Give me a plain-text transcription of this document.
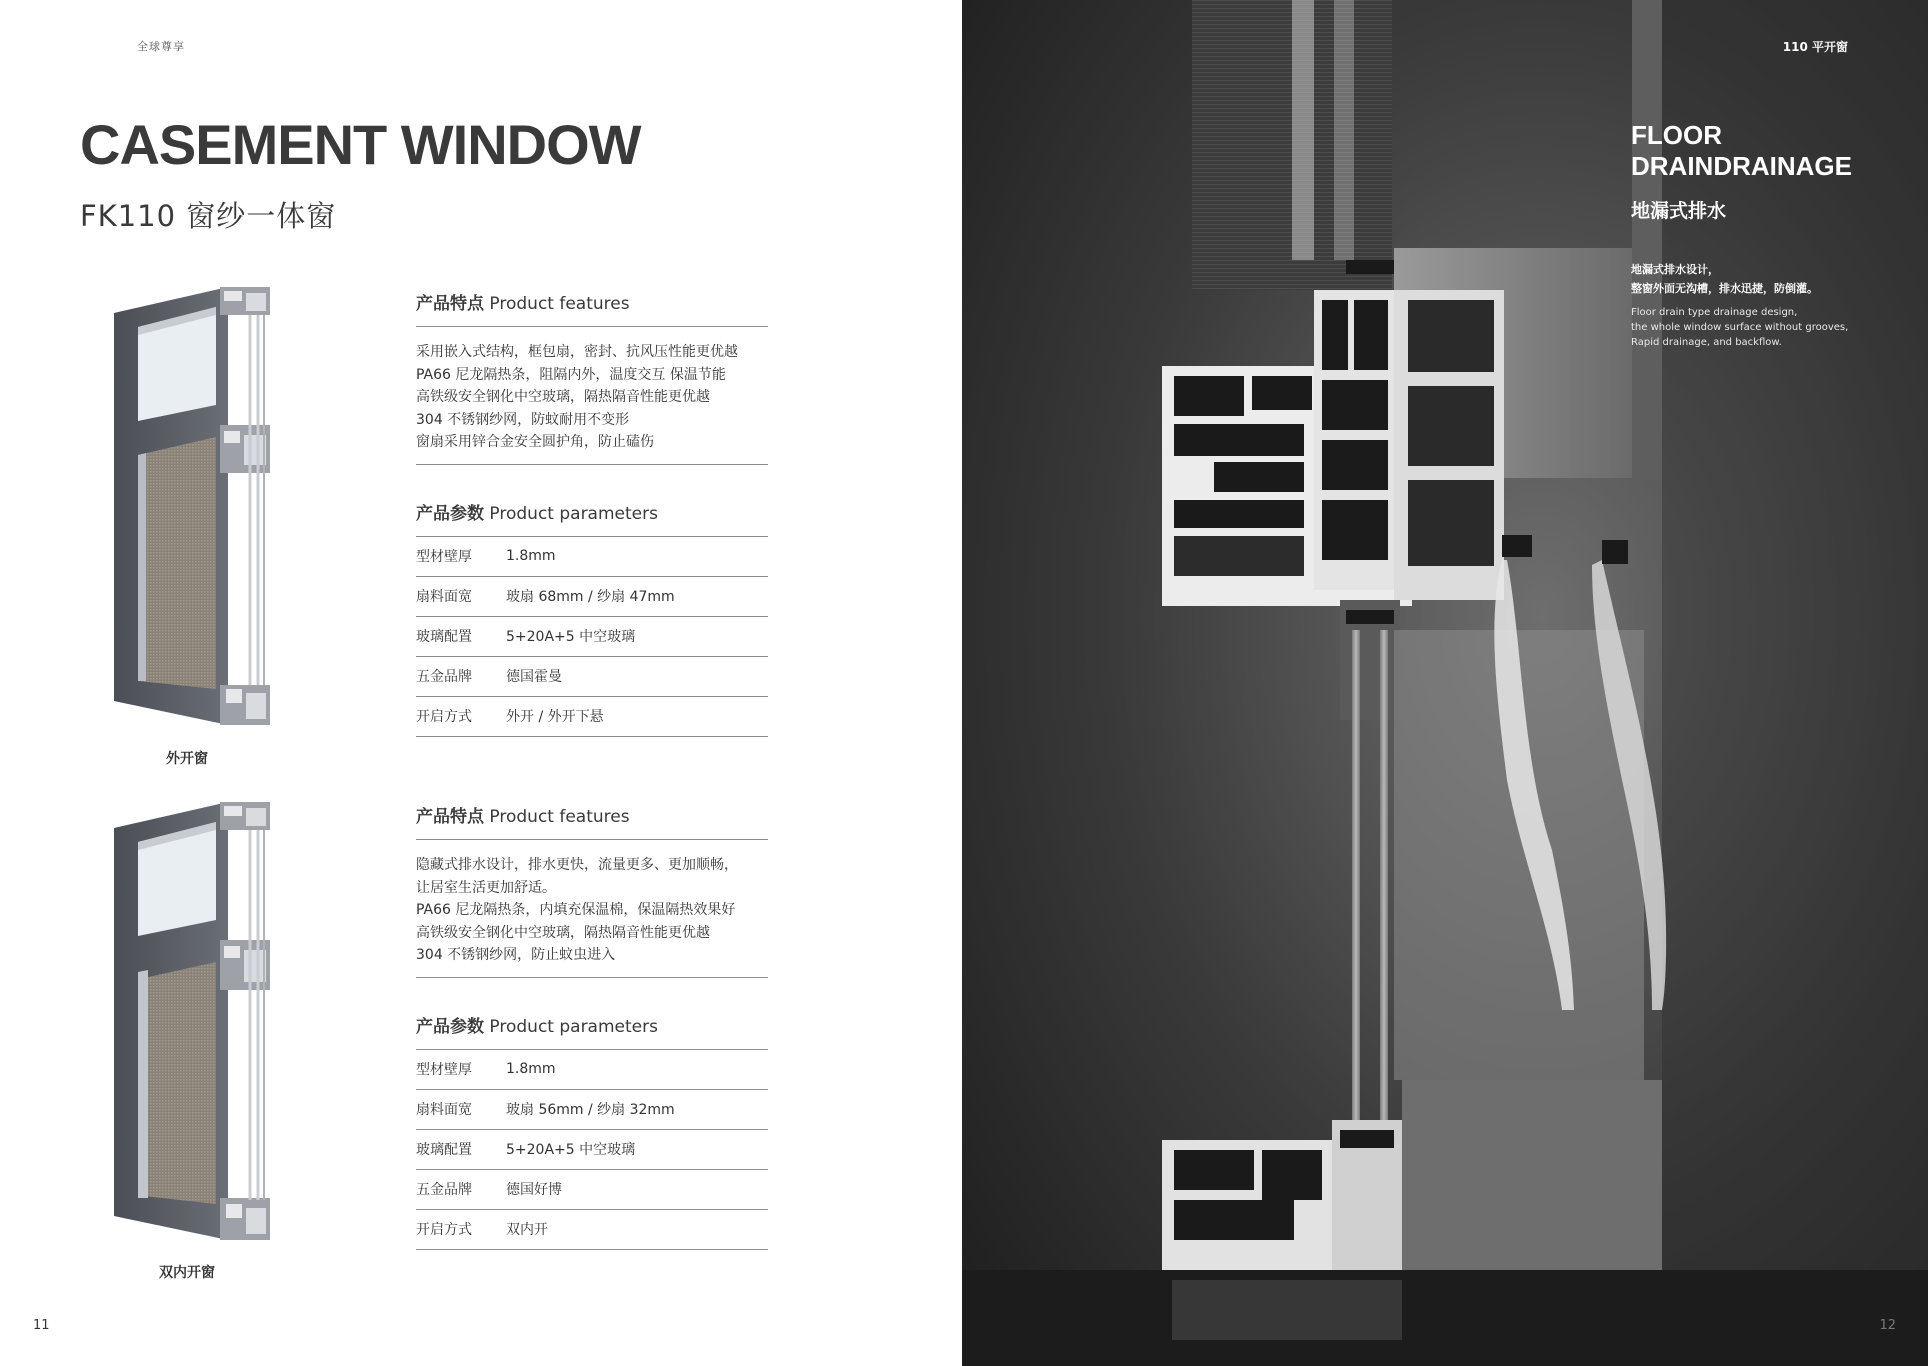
全球尊享
CASEMENT WINDOW
FK110 窗纱一体窗
外开窗
双内开窗
产品特点 Product features
采用嵌入式结构，框包扇，密封、抗风压性能更优越
PA66 尼龙隔热条，阻隔内外，温度交互 保温节能
高铁级安全钢化中空玻璃，隔热隔音性能更优越
304 不锈钢纱网，防蚊耐用不变形
窗扇采用锌合金安全圆护角，防止磕伤
产品参数 Product parameters
型材壁厚	1.8mm
扇料面宽	玻扇 68mm / 纱扇 47mm
玻璃配置	5+20A+5 中空玻璃
五金品牌	德国霍曼
开启方式	外开 / 外开下悬
产品特点 Product features
隐藏式排水设计，排水更快，流量更多、更加顺畅，
让居室生活更加舒适。
PA66 尼龙隔热条，内填充保温棉，保温隔热效果好
高铁级安全钢化中空玻璃，隔热隔音性能更优越
304 不锈钢纱网，防止蚊虫进入
产品参数 Product parameters
型材壁厚	1.8mm
扇料面宽	玻扇 56mm / 纱扇 32mm
玻璃配置	5+20A+5 中空玻璃
五金品牌	德国好博
开启方式	双内开
11
110 平开窗
FLOOR
DRAINDRAINAGE
地漏式排水
地漏式排水设计，
整窗外面无沟槽，排水迅捷，防倒灌。
Floor drain type drainage design,
the whole window surface without grooves,
Rapid drainage, and backflow.
12
